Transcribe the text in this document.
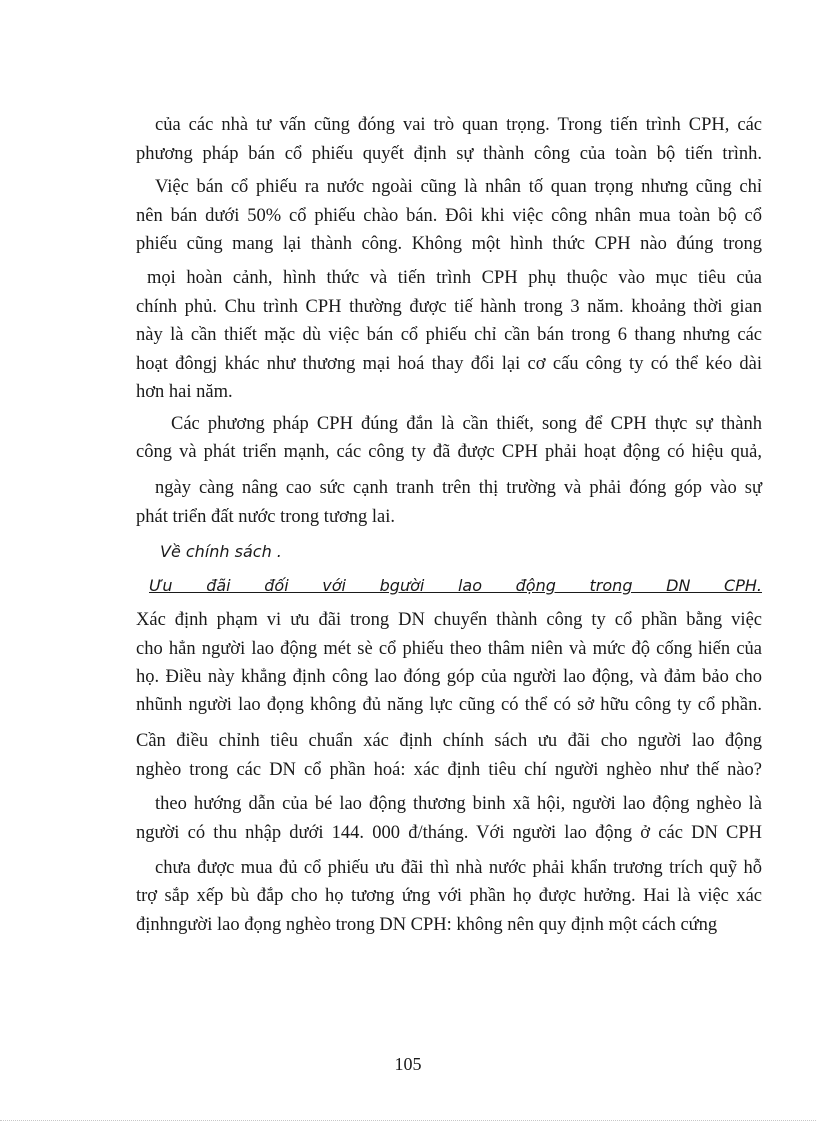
của các nhà tư vấn cũng đóng vai trò quan trọng. Trong tiến trình CPH, các

phương pháp bán cổ phiếu quyết định sự thành công của toàn bộ tiến trình.

Việc bán cổ phiếu ra nước ngoài cũng là nhân tố quan trọng nhưng cũng chỉ

nên bán dưới 50% cổ phiếu chào bán. Đôi khi việc công nhân mua toàn bộ cổ

phiếu cũng mang lại thành công. Không một hình thức CPH nào đúng trong

mọi hoàn cảnh, hình thức và tiến trình CPH phụ thuộc vào mục tiêu của

chính phủ. Chu trình CPH thường được tiế hành trong 3 năm. khoảng thời gian

này là cần thiết mặc dù việc bán cổ phiếu chỉ cần bán trong 6 thang nhưng các

hoạt đôngj khác như thương mại hoá thay đổi lại cơ cấu công ty có thể kéo dài

hơn hai năm.

Các phương pháp CPH đúng đắn là cần thiết, song để CPH thực sự thành

công và phát triển mạnh, các công ty đã được CPH phải hoạt động có hiệu quả,

ngày càng nâng cao sức cạnh tranh trên thị trường và phải đóng góp vào sự

phát triển đất nước trong tương lai.

Về chính sách .

Ưu đãi đối với bgười lao động trong DN CPH.

Xác định phạm vi ưu đãi trong DN chuyển thành công ty cổ phần bằng việc

cho hẳn người lao động mét sè cổ phiếu theo thâm niên và mức độ cống hiến của

họ. Điều này khẳng định công lao đóng góp của người lao động, và đảm bảo cho

nhũnh người lao đọng không đủ năng lực cũng có thể có sở hữu công ty cổ phần.

Cần điều chỉnh tiêu chuẩn xác định chính sách ưu đãi cho người lao động

nghèo trong các DN cổ phần hoá: xác định tiêu chí người nghèo như thế nào?

theo hướng dẫn của bé lao động thương binh xã hội, người lao động nghèo là

người có thu nhập dưới 144. 000 đ/tháng. Với người lao động ở các DN CPH

chưa được mua đủ cổ phiếu ưu đãi thì nhà nước phải khẩn trương trích quỹ hỗ

trợ sắp xếp bù đắp cho họ tương ứng với phần họ được hưởng. Hai là việc xác

địnhngười lao đọng nghèo trong DN CPH: không nên quy định một cách cứng

105
